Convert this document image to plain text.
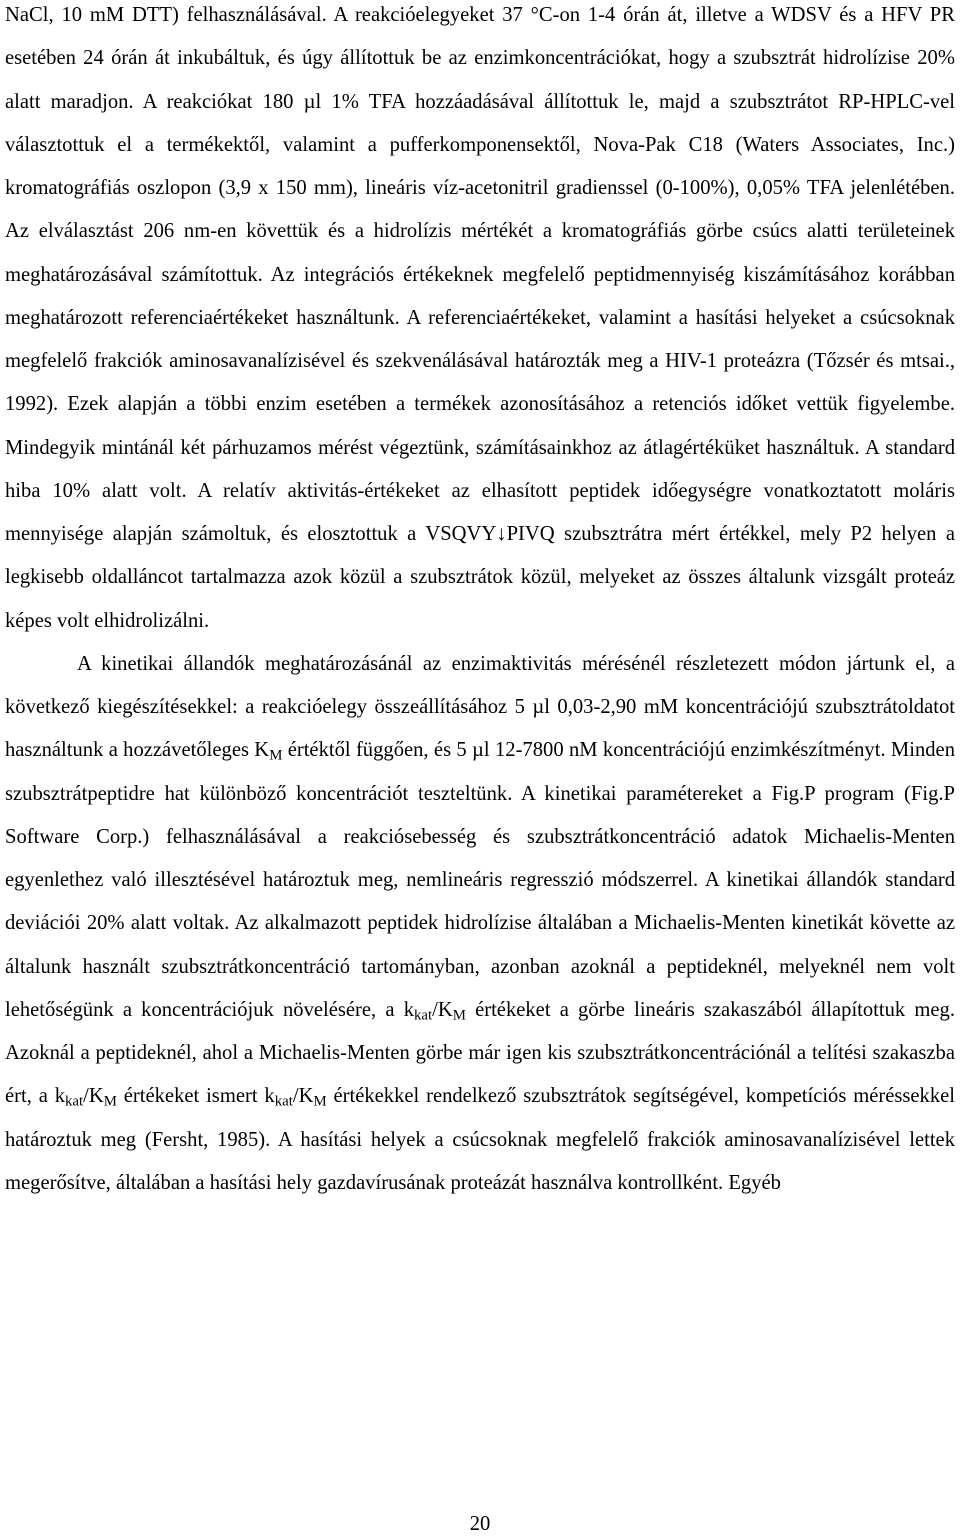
NaCl, 10 mM DTT) felhasználásával. A reakcióelegyeket 37 °C-on 1-4 órán át, illetve a WDSV és a HFV PR esetében 24 órán át inkubáltuk, és úgy állítottuk be az enzimkoncentrációkat, hogy a szubsztrát hidrolízise 20% alatt maradjon. A reakciókat 180 µl 1% TFA hozzáadásával állítottuk le, majd a szubsztrátot RP-HPLC-vel választottuk el a termékektől, valamint a pufferkomponensektől, Nova-Pak C18 (Waters Associates, Inc.) kromatográfiás oszlopon (3,9 x 150 mm), lineáris víz-acetonitril gradienssel (0-100%), 0,05% TFA jelenlétében. Az elválasztást 206 nm-en követtük és a hidrolízis mértékét a kromatográfiás görbe csúcs alatti területeinek meghatározásával számítottuk. Az integrációs értékeknek megfelelő peptidmennyiség kiszámításához korábban meghatározott referenciaértékeket használtunk. A referenciaértékeket, valamint a hasítási helyeket a csúcsoknak megfelelő frakciók aminosavanalízisével és szekvenálásával határozták meg a HIV-1 proteázra (Tőzsér és mtsai., 1992). Ezek alapján a többi enzim esetében a termékek azonosításához a retenciós időket vettük figyelembe. Mindegyik mintánál két párhuzamos mérést végeztünk, számításainkhoz az átlagértéküket használtuk. A standard hiba 10% alatt volt. A relatív aktivitás-értékeket az elhasított peptidek időegységre vonatkoztatott moláris mennyisége alapján számoltuk, és elosztottuk a VSQVY↓PIVQ szubsztrátra mért értékkel, mely P2 helyen a legkisebb oldalláncot tartalmazza azok közül a szubsztrátok közül, melyeket az összes általunk vizsgált proteáz képes volt elhidrolizálni.

A kinetikai állandók meghatározásánál az enzimaktivitás mérésénél részletezett módon jártunk el, a következő kiegészítésekkel: a reakcióelegy összeállításához 5 µl 0,03-2,90 mM koncentrációjú szubsztrátoldatot használtunk a hozzávetőleges $K_M$ értéktől függően, és 5 µl 12-7800 nM koncentrációjú enzimkészítményt. Minden szubsztrátpeptidre hat különböző koncentrációt teszteltünk. A kinetikai paramétereket a Fig.P program (Fig.P Software Corp.) felhasználásával a reakciósebesség és szubsztrátkoncentráció adatok Michaelis-Menten egyenlethez való illesztésével határoztuk meg, nemlineáris regresszió módszerrel. A kinetikai állandók standard deviációi 20% alatt voltak. Az alkalmazott peptidek hidrolízise általában a Michaelis-Menten kinetikát követte az általunk használt szubsztrátkoncentráció tartományban, azonban azoknál a peptideknél, melyeknél nem volt lehetőségünk a koncentrációjuk növelésére, a $k_{kat}/K_M$ értékeket a görbe lineáris szakaszából állapítottuk meg. Azoknál a peptideknél, ahol a Michaelis-Menten görbe már igen kis szubsztrátkoncentrációnál a telítési szakaszba ért, a $k_{kat}/K_M$ értékeket ismert $k_{kat}/K_M$ értékekkel rendelkező szubsztrátok segítségével, kompetíciós méréssekkel határoztuk meg (Fersht, 1985). A hasítási helyek a csúcsoknak megfelelő frakciók aminosavanalízisével lettek megerősítve, általában a hasítási hely gazdavírusának proteázát használva kontrollként. Egyéb

20
